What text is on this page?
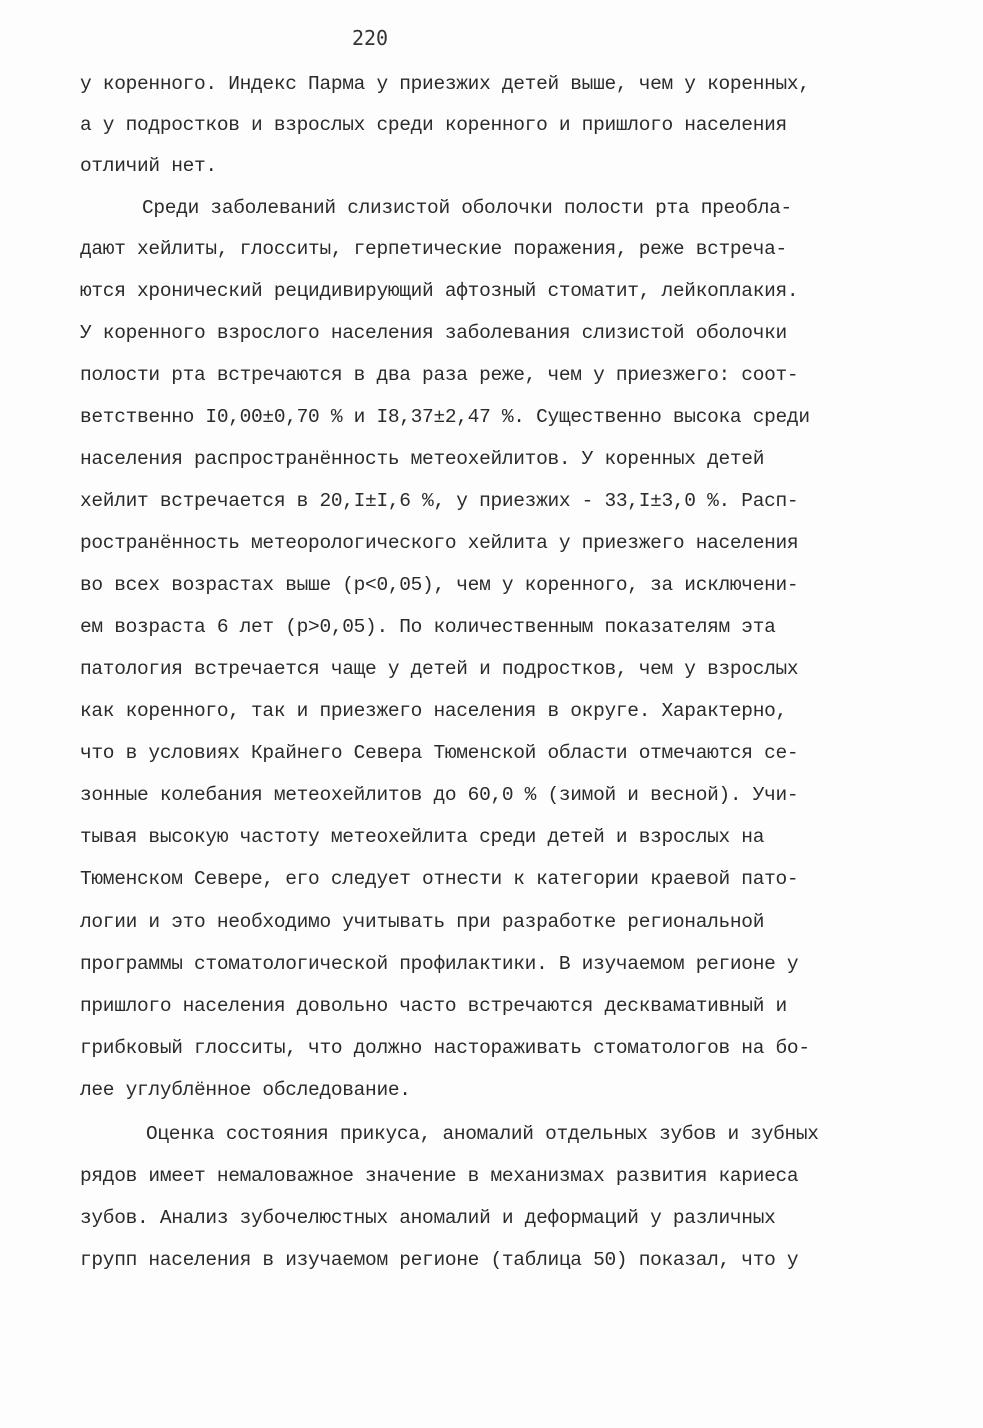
220
у коренного. Индекс Парма у приезжих детей выше, чем у коренных,
а у подростков и взрослых среди коренного и пришлого населения
отличий нет.
Среди заболеваний слизистой оболочки полости рта преобла-
дают хейлиты, глосситы, герпетические поражения, реже встреча-
ются хронический рецидивирующий афтозный стоматит, лейкоплакия.
У коренного взрослого населения заболевания слизистой оболочки
полости рта встречаются в два раза реже, чем у приезжего: соот-
ветственно I0,00±0,70 % и I8,37±2,47 %. Существенно высока среди
населения распространённость метеохейлитов. У коренных детей
хейлит встречается в 20,I±I,6 %, у приезжих - 33,I±3,0 %. Расп-
ространённость метеорологического хейлита у приезжего населения
во всех возрастах выше (p<0,05), чем у коренного, за исключени-
ем возраста 6 лет (p>0,05). По количественным показателям эта
патология встречается чаще у детей и подростков, чем у взрослых
как коренного, так и приезжего населения в округе. Характерно,
что в условиях Крайнего Севера Тюменской области отмечаются се-
зонные колебания метеохейлитов до 60,0 % (зимой и весной). Учи-
тывая высокую частоту метеохейлита среди детей и взрослых на
Тюменском Севере, его следует отнести к категории краевой пато-
логии и это необходимо учитывать при разработке региональной
программы стоматологической профилактики. В изучаемом регионе у
пришлого населения довольно часто встречаются десквамативный и
грибковый глосситы, что должно настораживать стоматологов на бо-
лее углублённое обследование.
Оценка состояния прикуса, аномалий отдельных зубов и зубных
рядов имеет немаловажное значение в механизмах развития кариеса
зубов. Анализ зубочелюстных аномалий и деформаций у различных
групп населения в изучаемом регионе (таблица 50) показал, что у
